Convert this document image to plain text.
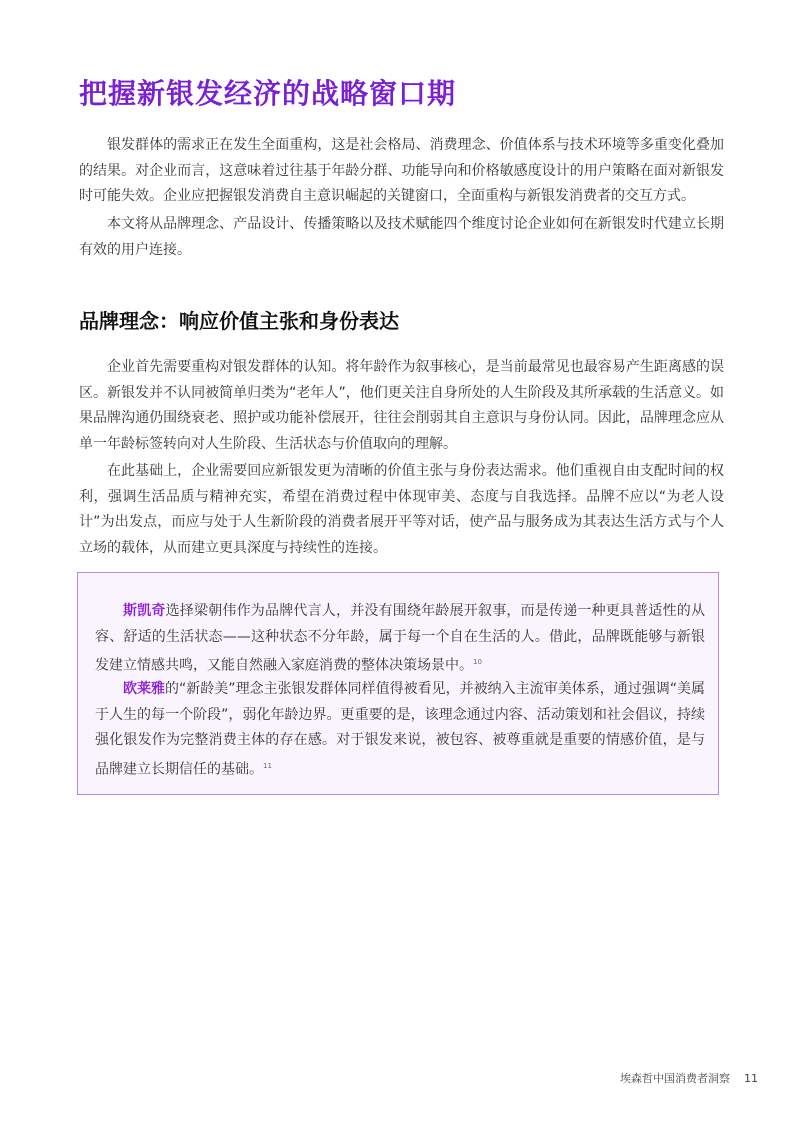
把握新银发经济的战略窗口期

银发群体的需求正在发生全面重构，这是社会格局、消费理念、价值体系与技术环境等多重变化叠加的结果。对企业而言，这意味着过往基于年龄分群、功能导向和价格敏感度设计的用户策略在面对新银发时可能失效。企业应把握银发消费自主意识崛起的关键窗口，全面重构与新银发消费者的交互方式。

本文将从品牌理念、产品设计、传播策略以及技术赋能四个维度讨论企业如何在新银发时代建立长期有效的用户连接。

品牌理念：响应价值主张和身份表达

企业首先需要重构对银发群体的认知。将年龄作为叙事核心，是当前最常见也最容易产生距离感的误区。新银发并不认同被简单归类为“老年人”，他们更关注自身所处的人生阶段及其所承载的生活意义。如果品牌沟通仍围绕衰老、照护或功能补偿展开，往往会削弱其自主意识与身份认同。因此，品牌理念应从单一年龄标签转向对人生阶段、生活状态与价值取向的理解。

在此基础上，企业需要回应新银发更为清晰的价值主张与身份表达需求。他们重视自由支配时间的权利，强调生活品质与精神充实，希望在消费过程中体现审美、态度与自我选择。品牌不应以“为老人设计”为出发点，而应与处于人生新阶段的消费者展开平等对话，使产品与服务成为其表达生活方式与个人立场的载体，从而建立更具深度与持续性的连接。

斯凯奇选择梁朝伟作为品牌代言人，并没有围绕年龄展开叙事，而是传递一种更具普适性的从容、舒适的生活状态——这种状态不分年龄，属于每一个自在生活的人。借此，品牌既能够与新银发建立情感共鸣，又能自然融入家庭消费的整体决策场景中。$^{10}$

欧莱雅的“新龄美”理念主张银发群体同样值得被看见，并被纳入主流审美体系，通过强调“美属于人生的每一个阶段”，弱化年龄边界。更重要的是，该理念通过内容、活动策划和社会倡议，持续强化银发作为完整消费主体的存在感。对于银发来说，被包容、被尊重就是重要的情感价值，是与品牌建立长期信任的基础。$^{11}$

埃森哲中国消费者洞察 11
